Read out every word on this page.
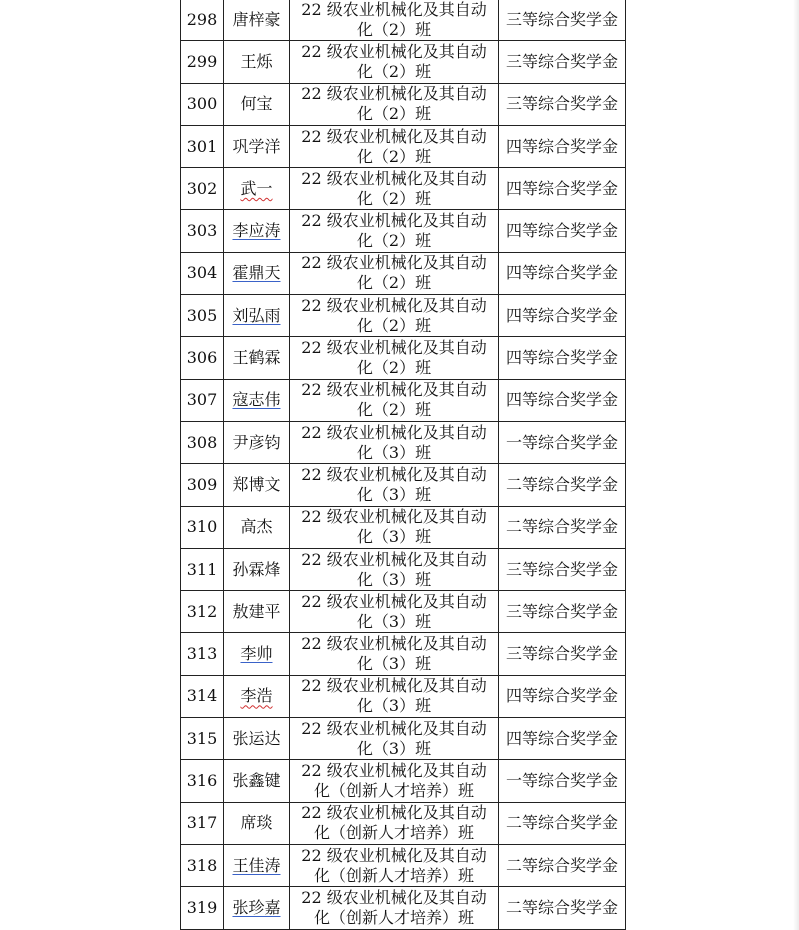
298	唐梓豪	22 级农业机械化及其自动
化（2）班	三等综合奖学金
299	王烁	22 级农业机械化及其自动
化（2）班	三等综合奖学金
300	何宝	22 级农业机械化及其自动
化（2）班	三等综合奖学金
301	巩学洋	22 级农业机械化及其自动
化（2）班	四等综合奖学金
302	武一	22 级农业机械化及其自动
化（2）班	四等综合奖学金
303	李应涛	22 级农业机械化及其自动
化（2）班	四等综合奖学金
304	霍鼎天	22 级农业机械化及其自动
化（2）班	四等综合奖学金
305	刘弘雨	22 级农业机械化及其自动
化（2）班	四等综合奖学金
306	王鹤霖	22 级农业机械化及其自动
化（2）班	四等综合奖学金
307	寇志伟	22 级农业机械化及其自动
化（2）班	四等综合奖学金
308	尹彦钧	22 级农业机械化及其自动
化（3）班	一等综合奖学金
309	郑博文	22 级农业机械化及其自动
化（3）班	二等综合奖学金
310	高杰	22 级农业机械化及其自动
化（3）班	二等综合奖学金
311	孙霖烽	22 级农业机械化及其自动
化（3）班	三等综合奖学金
312	敖建平	22 级农业机械化及其自动
化（3）班	三等综合奖学金
313	李帅	22 级农业机械化及其自动
化（3）班	三等综合奖学金
314	李浩	22 级农业机械化及其自动
化（3）班	四等综合奖学金
315	张运达	22 级农业机械化及其自动
化（3）班	四等综合奖学金
316	张鑫键	22 级农业机械化及其自动
化（创新人才培养）班	一等综合奖学金
317	席琰	22 级农业机械化及其自动
化（创新人才培养）班	二等综合奖学金
318	王佳涛	22 级农业机械化及其自动
化（创新人才培养）班	二等综合奖学金
319	张珍嘉	22 级农业机械化及其自动
化（创新人才培养）班	二等综合奖学金
